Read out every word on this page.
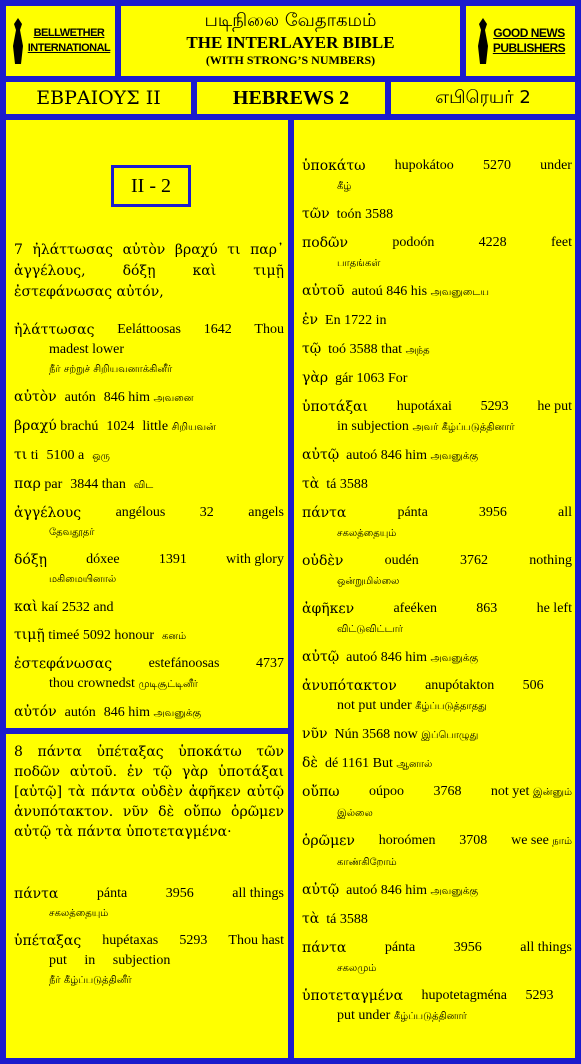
BELLWETHER
INTERNATIONAL
படிநிலை வேதாகமம்
THE INTERLAYER BIBLE
(WITH STRONG’S NUMBERS)
GOOD NEWS
PUBLISHERS
ΕΒΡΑΙΟΥΣ ΙΙ	HEBREWS 2	எபிரெயர் 2
II - 2
7 ἠλάττωσας αὐτὸν βραχύ τι παρ᾽ ἀγγέλους, δόξῃ καὶ τιμῇ ἐστεφάνωσας αὐτόν,
ἠλάττωσας Eeláttoosas 1642 Thou
madest lower
நீர் சற்றுச் சிறியவனாக்கினீர்
αὐτὸν autón 846 him அவனை
βραχύ brachú 1024 little சிறியவன்
τι ti 5100 a ஒரு
παρ par 3844 than விட
ἀγγέλους angélous 32 angels
தேவதூதர்
δόξῃ	dóxee	1391	with glory
மகிமையினால்
καὶ kaí 2532 and
τιμῇ timeé 5092 honour கனம்
ἐστεφάνωσας	estefánoosas	4737
thou crownedst முடிசூட்டினீர்
αὐτόν autón 846 him அவனுக்கு
8 πάντα ὑπέταξας ὑποκάτω τῶν ποδῶν αὐτοῦ. ἐν τῷ γὰρ ὑποτάξαι [αὐτῷ] τὰ πάντα οὐδὲν ἀφῆκεν αὐτῷ ἀνυπότακτον. νῦν δὲ οὔπω ὁρῶμεν αὐτῷ τὰ πάντα ὑποτεταγμένα·
πάντα	pánta	3956	all things
சகலத்தையும்
ὑπέταξας hupétaxas 5293 Thou hast
put in subjection
நீர் கீழ்ப்படுத்தினீர்
ὑποκάτω hupokátoo 5270 under
கீழ்
τῶν  toón 3588
ποδῶν	podoón	4228	feet
பாதங்கள்
αὐτοῦ  autoú 846 his அவனுடைய
ἐν  En 1722 in
τῷ  toó 3588 that அந்த
γὰρ  gár 1063 For
ὑποτάξαι hupotáxai 5293 he put
in subjection அவர் கீழ்ப்படுத்தினார்
αὐτῷ  autoó 846 him அவனுக்கு
τὰ  tá 3588
πάντα	pánta	3956	all
சகலத்தையும்
οὐδὲν	oudén	3762	nothing
ஒன்றுமில்லை
ἀφῆκεν	afeéken	863	he left
விட்டுவிட்டார்
αὐτῷ  autoó 846 him அவனுக்கு
ἀνυπότακτον anupótakton 506
not put under கீழ்ப்படுத்தாதது
νῦν  Nún 3568 now இப்பொழுது
δὲ  dé 1161 But ஆனால்
οὔπω oúpoo 3768 not yet இன்னும்
இல்லை
ὁρῶμεν horoómen 3708 we see நாம்
காண்கிறோம்
αὐτῷ  autoó 846 him அவனுக்கு
τὰ  tá 3588
πάντα	pánta	3956	all things
சகலமும்
ὑποτεταγμένα hupotetagména 5293
put under கீழ்ப்படுத்தினார்
